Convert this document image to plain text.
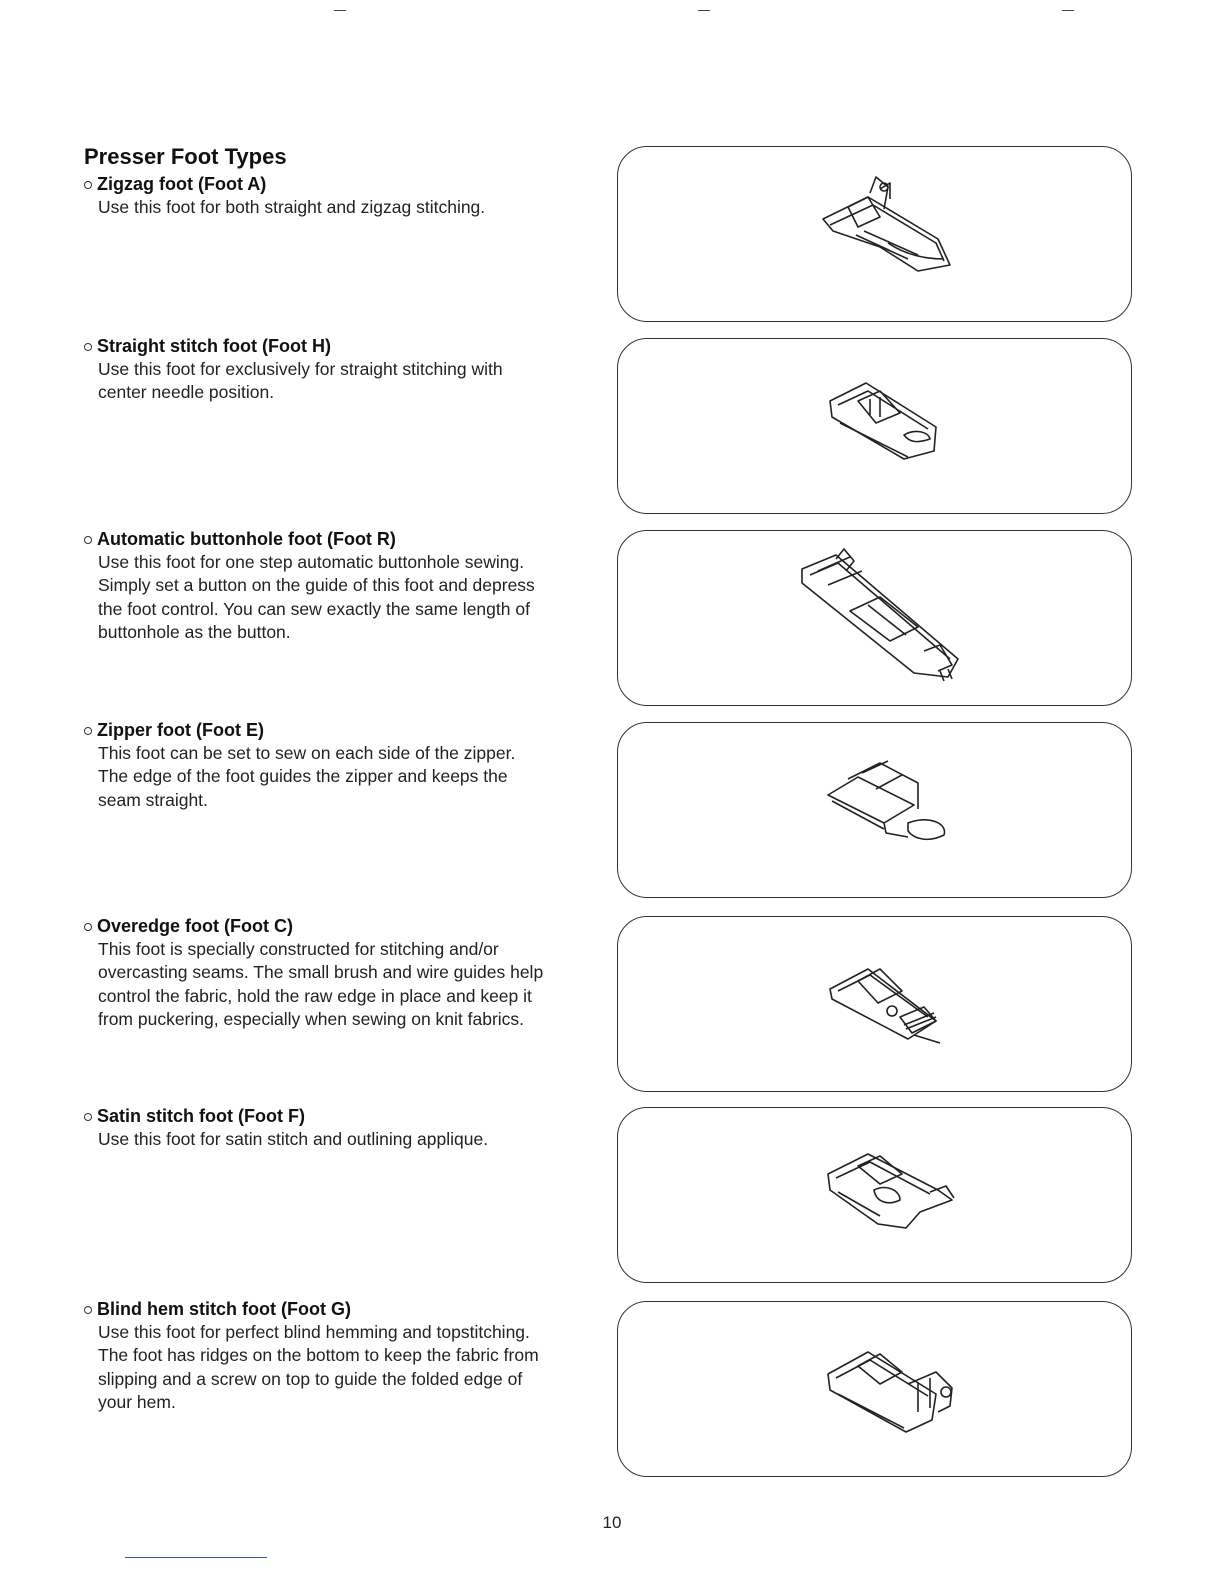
Presser Foot Types
Zigzag foot (Foot A)

Use this foot for both straight and zigzag stitching.

Straight stitch foot (Foot H)

Use this foot for exclusively for straight stitching with
center needle position.

Automatic buttonhole foot (Foot R)

Use this foot for one step automatic buttonhole sewing.
Simply set a button on the guide of this foot and depress
the foot control. You can sew exactly the same length of
buttonhole as the button.

Zipper foot (Foot E)

This foot can be set to sew on each side of the zipper.
The edge of the foot guides the zipper and keeps the
seam straight.

Overedge foot (Foot C)

This foot is specially constructed for stitching and/or
overcasting seams. The small brush and wire guides help
control the fabric, hold the raw edge in place and keep it
from puckering, especially when sewing on knit fabrics.

Satin stitch foot (Foot F)

Use this foot for satin stitch and outlining applique.

Blind hem stitch foot (Foot G)

Use this foot for perfect blind hemming and topstitching.
The foot has ridges on the bottom to keep the fabric from
slipping and a screw on top to guide the folded edge of
your hem.

10
